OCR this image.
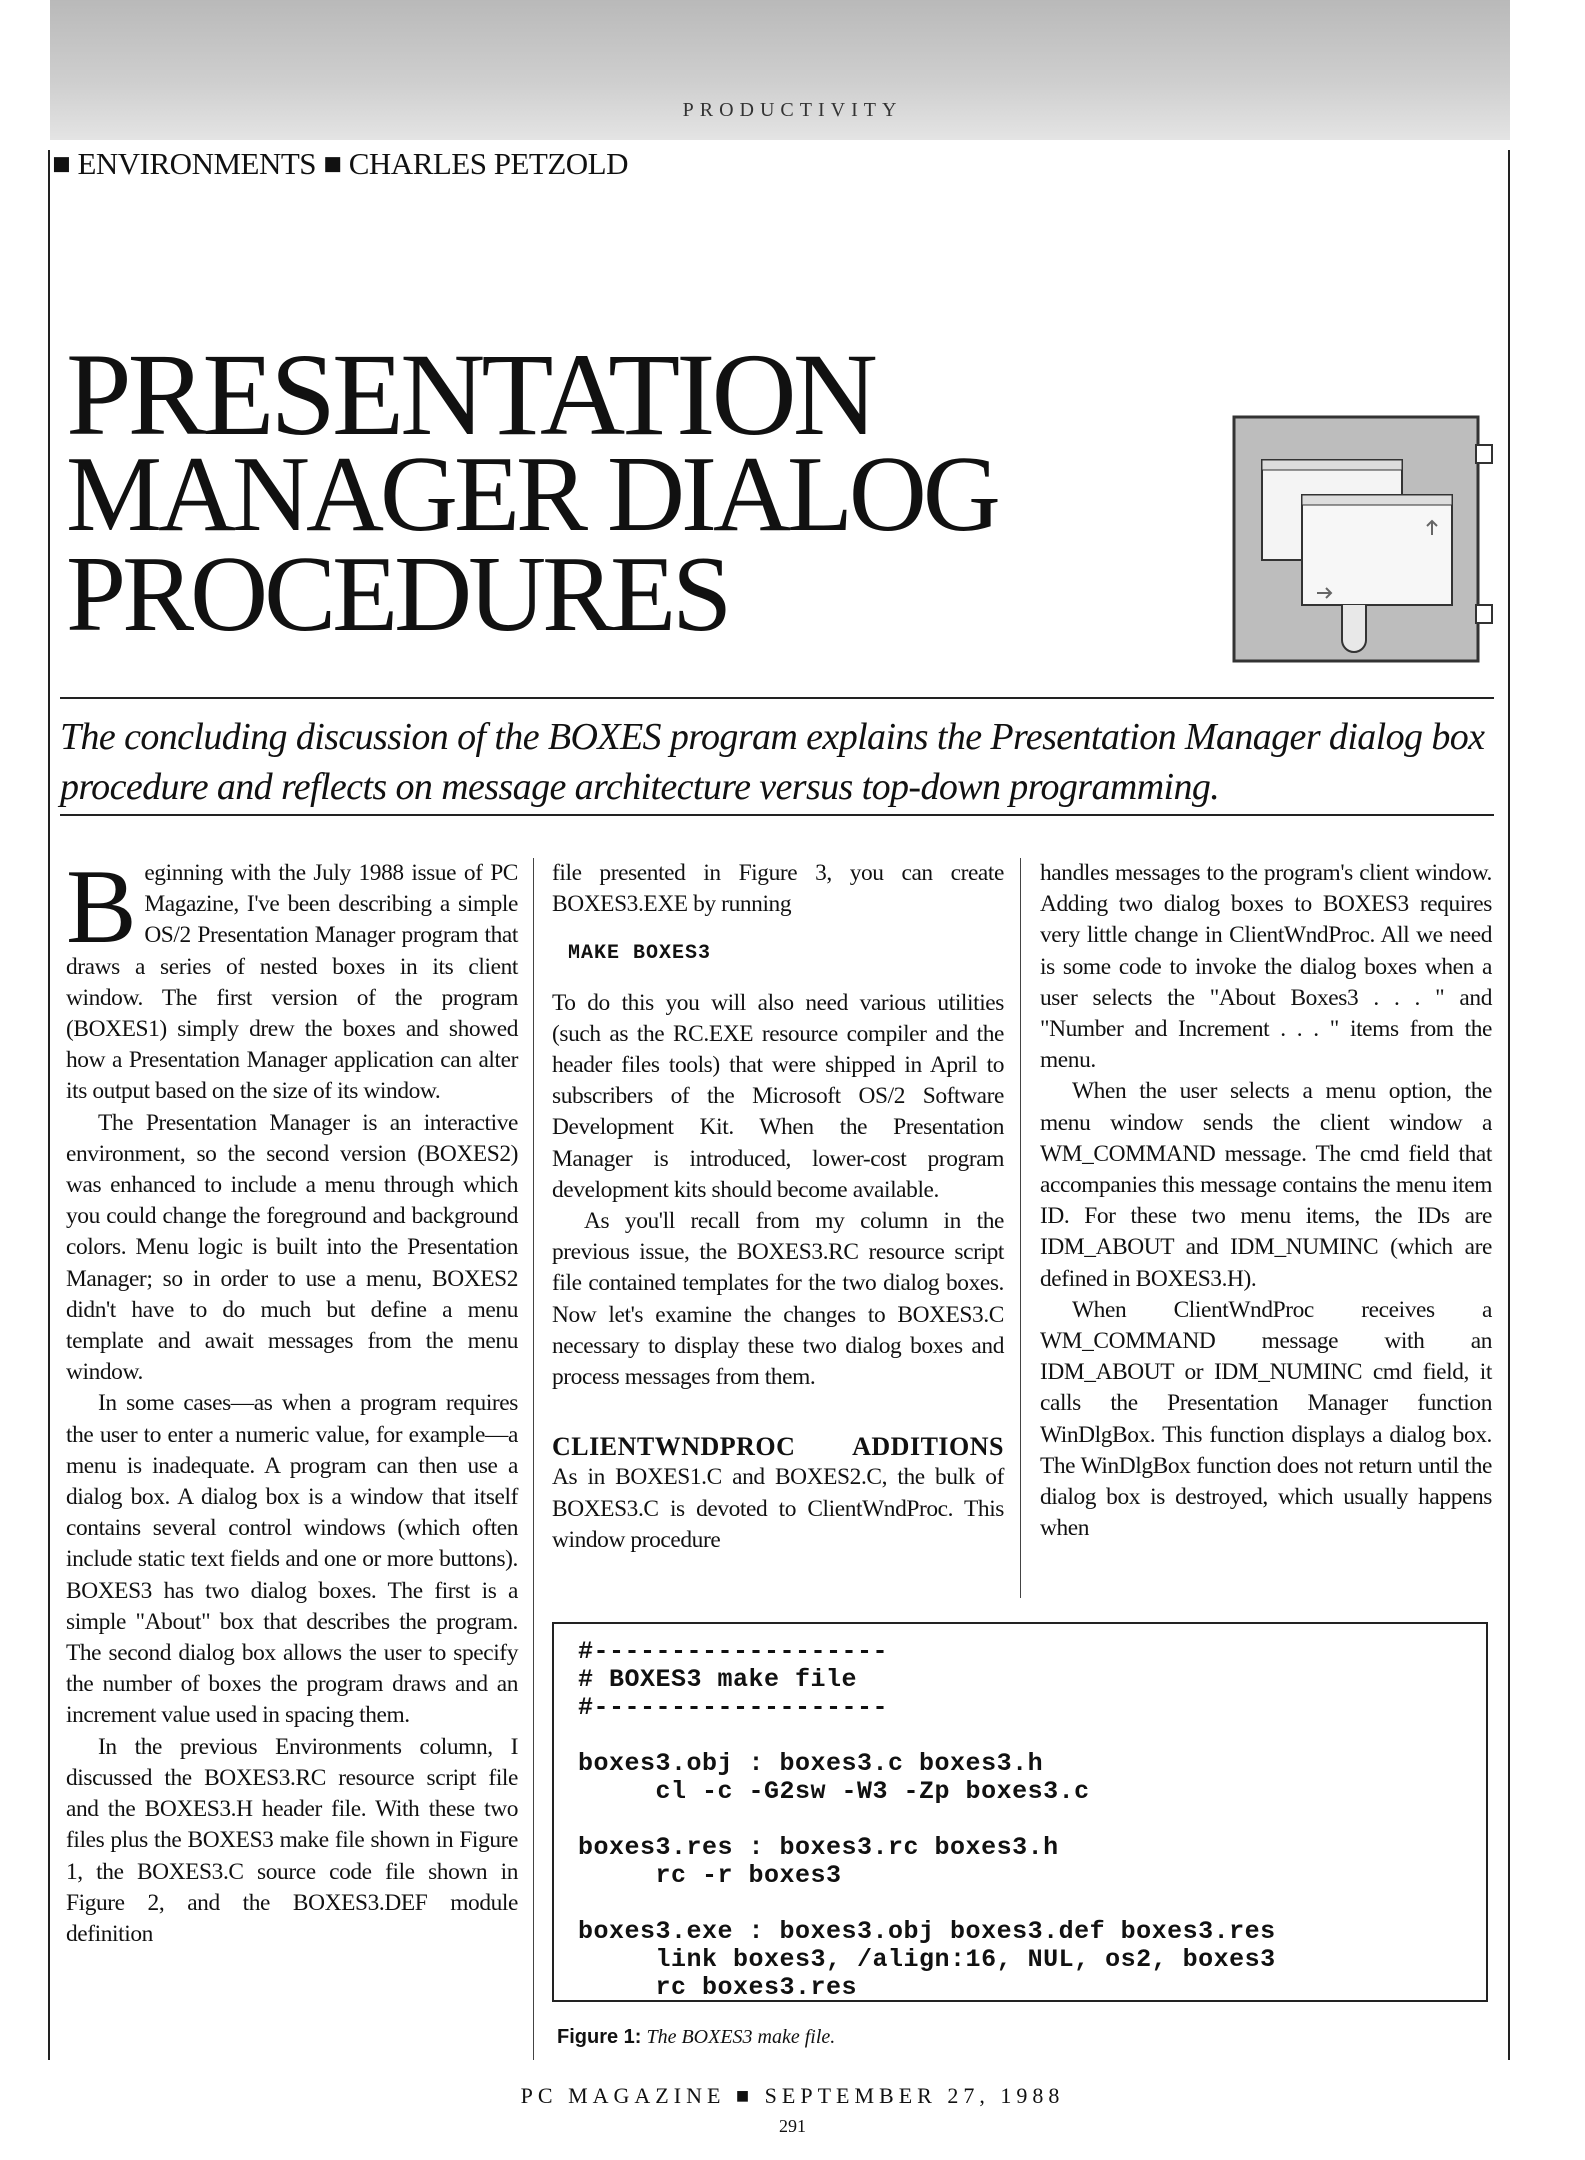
PRODUCTIVITY
■ ENVIRONMENTS ■ CHARLES PETZOLD
PRESENTATION
MANAGER DIALOG
PROCEDURES

The concluding discussion of the BOXES program explains the Presentation Manager dialog box procedure and reflects on message architecture versus top-down programming.

Beginning with the July 1988 issue of PC Magazine, I've been describing a simple OS/2 Presentation Manager program that draws a series of nested boxes in its client window. The first version of the program (BOXES1) simply drew the boxes and showed how a Presentation Manager application can alter its output based on the size of its window.

The Presentation Manager is an interactive environment, so the second version (BOXES2) was enhanced to include a menu through which you could change the foreground and background colors. Menu logic is built into the Presentation Manager; so in order to use a menu, BOXES2 didn't have to do much but define a menu template and await messages from the menu window.

In some cases—as when a program requires the user to enter a numeric value, for example—a menu is inadequate. A program can then use a dialog box. A dialog box is a window that itself contains several control windows (which often include static text fields and one or more buttons). BOXES3 has two dialog boxes. The first is a simple "About" box that describes the program. The second dialog box allows the user to specify the number of boxes the program draws and an increment value used in spacing them.

In the previous Environments column, I discussed the BOXES3.RC resource script file and the BOXES3.H header file. With these two files plus the BOXES3 make file shown in Figure 1, the BOXES3.C source code file shown in Figure 2, and the BOXES3.DEF module definition

file presented in Figure 3, you can create BOXES3.EXE by running

MAKE BOXES3

To do this you will also need various utilities (such as the RC.EXE resource compiler and the header files tools) that were shipped in April to subscribers of the Microsoft OS/2 Software Development Kit. When the Presentation Manager is introduced, lower-cost program development kits should become available.

As you'll recall from my column in the previous issue, the BOXES3.RC resource script file contained templates for the two dialog boxes. Now let's examine the changes to BOXES3.C necessary to display these two dialog boxes and process messages from them.

CLIENTWNDPROC ADDITIONS

As in BOXES1.C and BOXES2.C, the bulk of BOXES3.C is devoted to ClientWndProc. This window procedure

handles messages to the program's client window. Adding two dialog boxes to BOXES3 requires very little change in ClientWndProc. All we need is some code to invoke the dialog boxes when a user selects the "About Boxes3 . . . " and "Number and Increment . . . " items from the menu.

When the user selects a menu option, the menu window sends the client window a WM_COMMAND message. The cmd field that accompanies this message contains the menu item ID. For these two menu items, the IDs are IDM_ABOUT and IDM_NUMINC (which are defined in BOXES3.H).

When ClientWndProc receives a WM_COMMAND message with an IDM_ABOUT or IDM_NUMINC cmd field, it calls the Presentation Manager function WinDlgBox. This function displays a dialog box. The WinDlgBox function does not return until the dialog box is destroyed, which usually happens when

#-------------------
# BOXES3 make file
#-------------------

boxes3.obj : boxes3.c boxes3.h
cl -c -G2sw -W3 -Zp boxes3.c

boxes3.res : boxes3.rc boxes3.h
rc -r boxes3

boxes3.exe : boxes3.obj boxes3.def boxes3.res
link boxes3, /align:16, NUL, os2, boxes3
rc boxes3.res
Figure 1: The BOXES3 make file.
PC MAGAZINE ■ SEPTEMBER 27, 1988
291
